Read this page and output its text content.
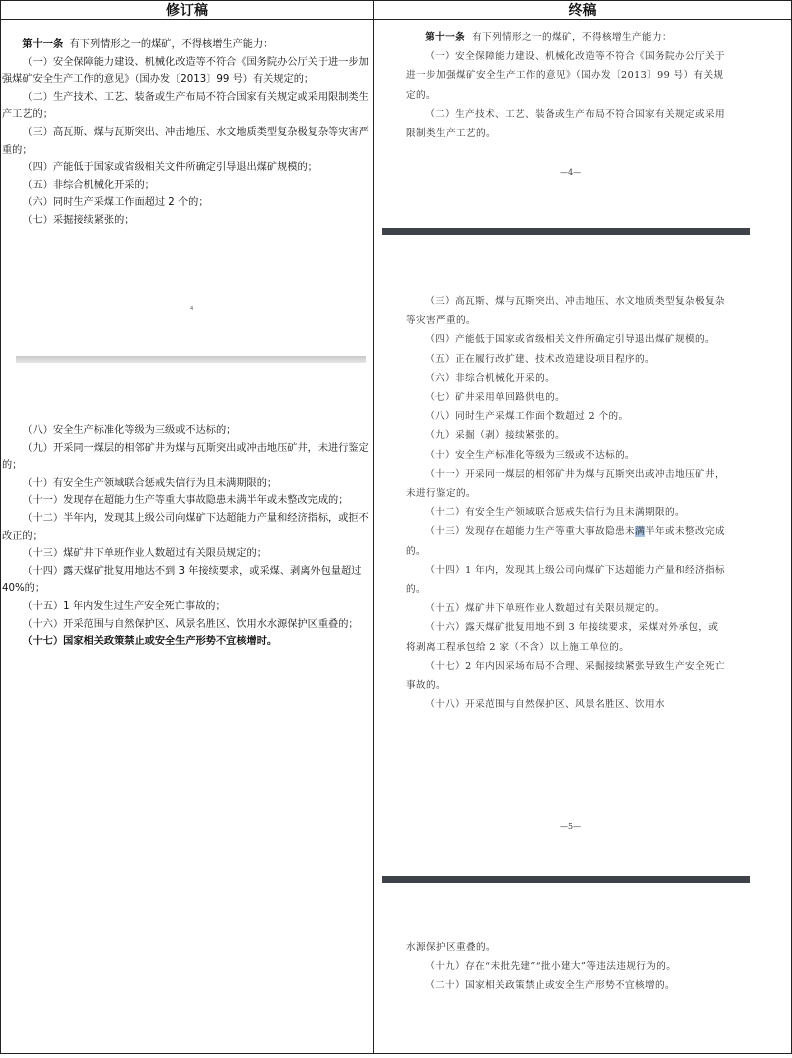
修订稿	终稿

第十一条 有下列情形之一的煤矿，不得核增生产能力：

（一）安全保障能力建设、机械化改造等不符合《国务院办公厅关于进一步加强煤矿安全生产工作的意见》（国办发〔2013〕99 号）有关规定的；

（二）生产技术、工艺、装备或生产布局不符合国家有关规定或采用限制类生产工艺的；

（三）高瓦斯、煤与瓦斯突出、冲击地压、水文地质类型复杂极复杂等灾害严重的；

（四）产能低于国家或省级相关文件所确定引导退出煤矿规模的；

（五）非综合机械化开采的；

（六）同时生产采煤工作面超过 2 个的；

（七）采掘接续紧张的；

4

（八）安全生产标准化等级为三级或不达标的；

（九）开采同一煤层的相邻矿井为煤与瓦斯突出或冲击地压矿井，未进行鉴定的；

（十）有安全生产领域联合惩戒失信行为且未满期限的；

（十一）发现存在超能力生产等重大事故隐患未满半年或未整改完成的；

（十二）半年内，发现其上级公司向煤矿下达超能力产量和经济指标，或拒不改正的；

（十三）煤矿井下单班作业人数超过有关限员规定的；

（十四）露天煤矿批复用地达不到 3 年接续要求，或采煤、剥离外包量超过 40%的；

（十五）1 年内发生过生产安全死亡事故的；

（十六）开采范围与自然保护区、风景名胜区、饮用水水源保护区重叠的；

（十七）国家相关政策禁止或安全生产形势不宜核增时。

第十一条 有下列情形之一的煤矿，不得核增生产能力：

（一）安全保障能力建设、机械化改造等不符合《国务院办公厅关于进一步加强煤矿安全生产工作的意见》（国办发〔2013〕99 号）有关规定的。

（二）生产技术、工艺、装备或生产布局不符合国家有关规定或采用限制类生产工艺的。

—4—

（三）高瓦斯、煤与瓦斯突出、冲击地压、水文地质类型复杂极复杂等灾害严重的。

（四）产能低于国家或省级相关文件所确定引导退出煤矿规模的。

（五）正在履行改扩建、技术改造建设项目程序的。

（六）非综合机械化开采的。

（七）矿井采用单回路供电的。

（八）同时生产采煤工作面个数超过 2 个的。

（九）采掘（剥）接续紧张的。

（十）安全生产标准化等级为三级或不达标的。

（十一）开采同一煤层的相邻矿井为煤与瓦斯突出或冲击地压矿井，未进行鉴定的。

（十二）有安全生产领域联合惩戒失信行为且未满期限的。

（十三）发现存在超能力生产等重大事故隐患未满半年或未整改完成的。

（十四）1 年内，发现其上级公司向煤矿下达超能力产量和经济指标的。

（十五）煤矿井下单班作业人数超过有关限员规定的。

（十六）露天煤矿批复用地不到 3 年接续要求，采煤对外承包，或将剥离工程承包给 2 家（不含）以上施工单位的。

（十七）2 年内因采场布局不合理、采掘接续紧张导致生产安全死亡事故的。

（十八）开采范围与自然保护区、风景名胜区、饮用水

—5—

水源保护区重叠的。

（十九）存在“未批先建”“批小建大”等违法违规行为的。

（二十）国家相关政策禁止或安全生产形势不宜核增的。
